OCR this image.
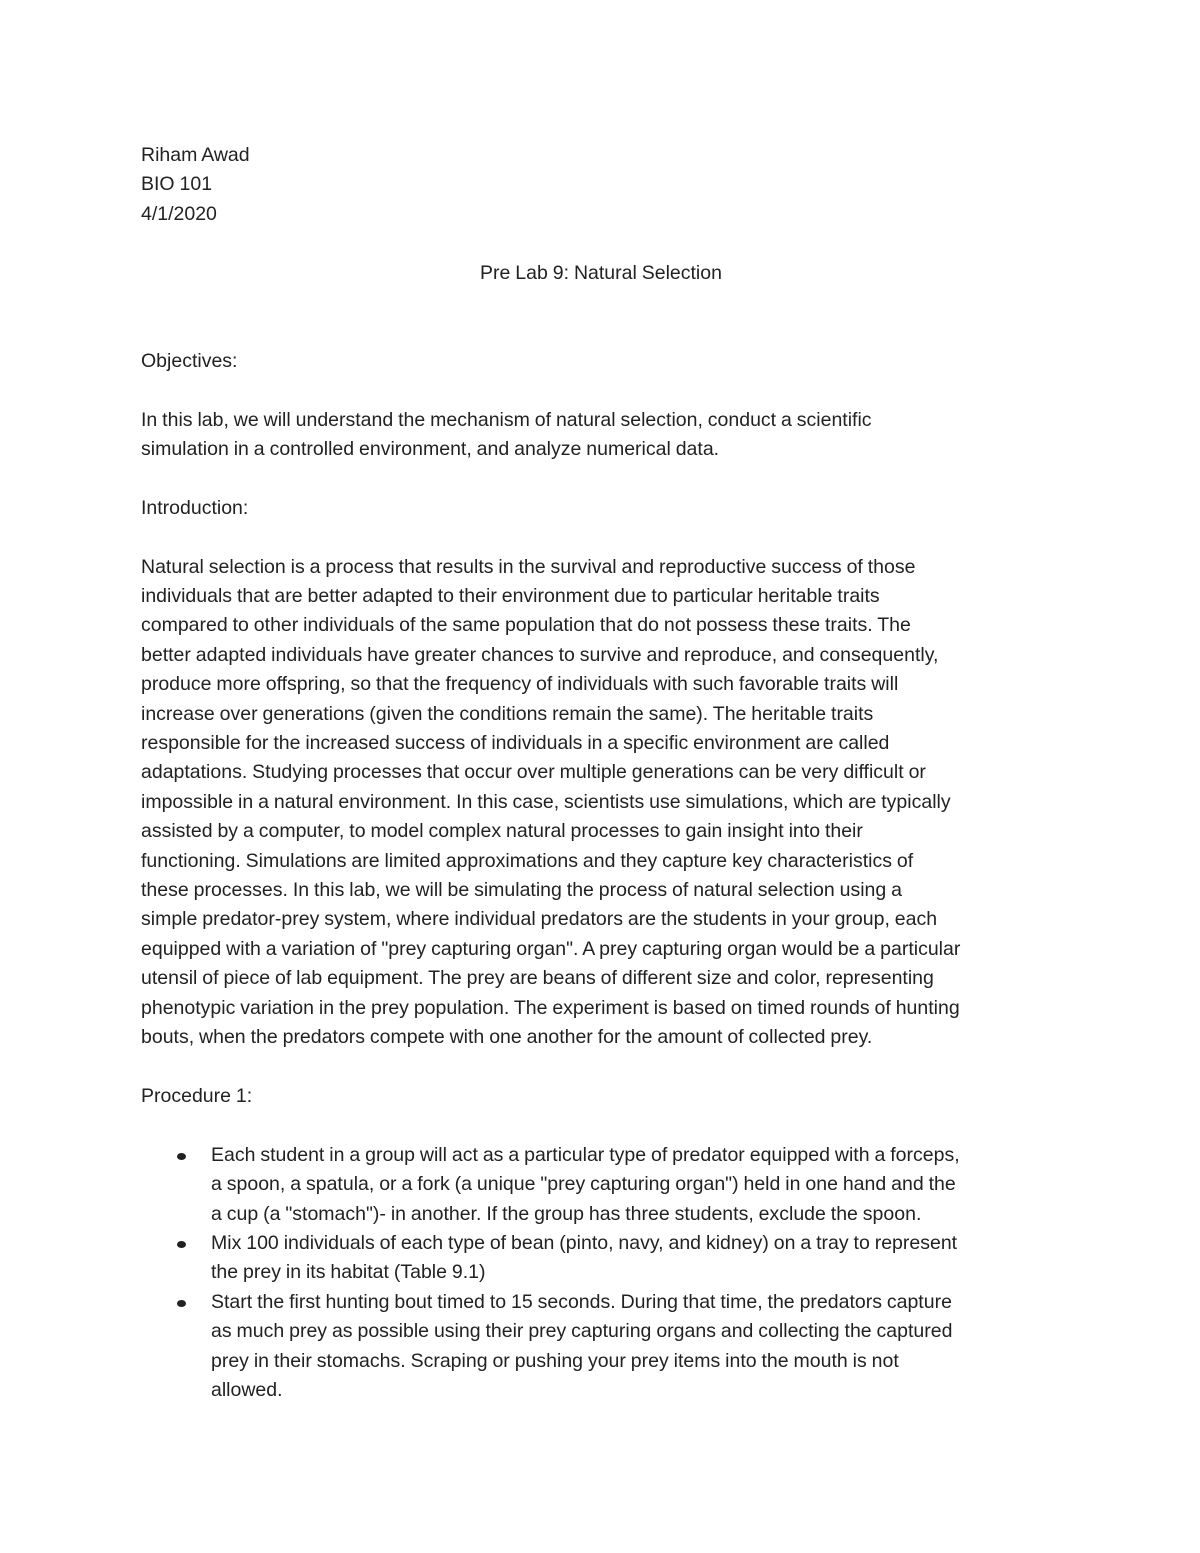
Riham Awad
BIO 101
4/1/2020
Pre Lab 9: Natural Selection
Objectives:
In this lab, we will understand the mechanism of natural selection, conduct a scientific
simulation in a controlled environment, and analyze numerical data.
Introduction:
Natural selection is a process that results in the survival and reproductive success of those
individuals that are better adapted to their environment due to particular heritable traits
compared to other individuals of the same population that do not possess these traits. The
better adapted individuals have greater chances to survive and reproduce, and consequently,
produce more offspring, so that the frequency of individuals with such favorable traits will
increase over generations (given the conditions remain the same). The heritable traits
responsible for the increased success of individuals in a specific environment are called
adaptations. Studying processes that occur over multiple generations can be very difficult or
impossible in a natural environment. In this case, scientists use simulations, which are typically
assisted by a computer, to model complex natural processes to gain insight into their
functioning. Simulations are limited approximations and they capture key characteristics of
these processes. In this lab, we will be simulating the process of natural selection using a
simple predator-prey system, where individual predators are the students in your group, each
equipped with a variation of "prey capturing organ". A prey capturing organ would be a particular
utensil of piece of lab equipment. The prey are beans of different size and color, representing
phenotypic variation in the prey population. The experiment is based on timed rounds of hunting
bouts, when the predators compete with one another for the amount of collected prey.
Procedure 1:
Each student in a group will act as a particular type of predator equipped with a forceps,
a spoon, a spatula, or a fork (a unique "prey capturing organ") held in one hand and the
a cup (a "stomach")- in another. If the group has three students, exclude the spoon.
Mix 100 individuals of each type of bean (pinto, navy, and kidney) on a tray to represent
the prey in its habitat (Table 9.1)
Start the first hunting bout timed to 15 seconds. During that time, the predators capture
as much prey as possible using their prey capturing organs and collecting the captured
prey in their stomachs. Scraping or pushing your prey items into the mouth is not
allowed.
